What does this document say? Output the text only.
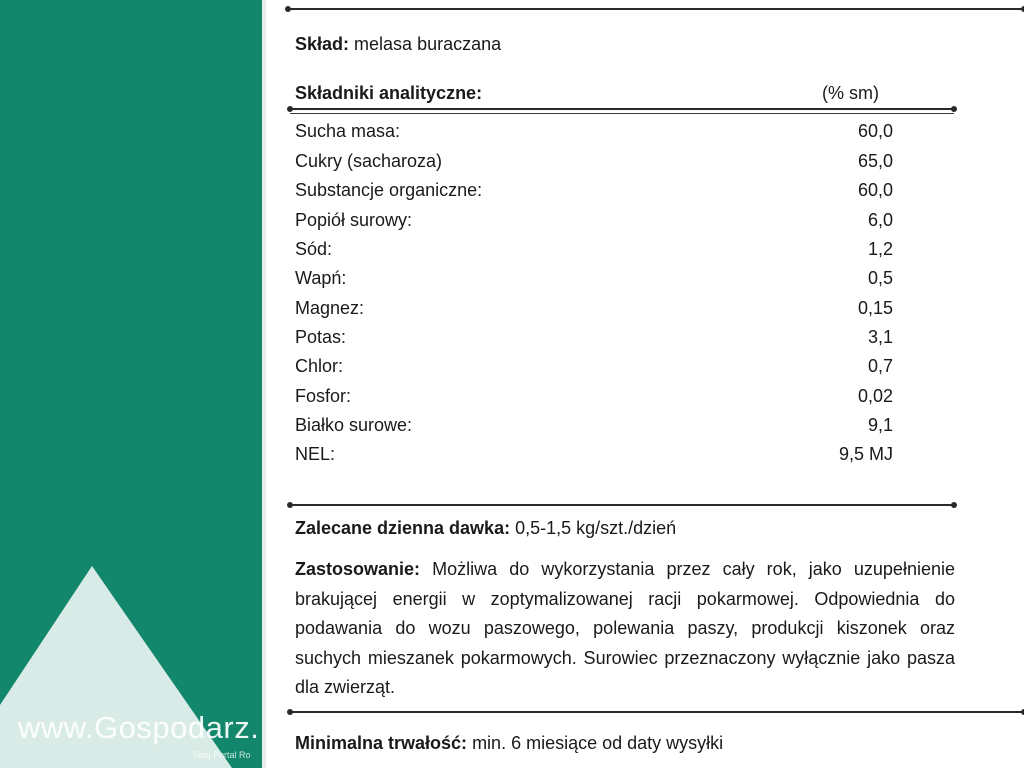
www.Gospodarz.
Twój Portal Ro
Skład: melasa buraczana
Składniki analityczne:	(% sm)
Sucha masa:	60,0
Cukry (sacharoza)	65,0
Substancje organiczne:	60,0
Popiół surowy:	6,0
Sód:	1,2
Wapń:	0,5
Magnez:	0,15
Potas:	3,1
Chlor:	0,7
Fosfor:	0,02
Białko surowe:	9,1
NEL:	9,5 MJ
Zalecane dzienna dawka: 0,5-1,5 kg/szt./dzień
Zastosowanie: Możliwa do wykorzystania przez cały rok, jako uzupełnienie brakującej energii w zoptymalizowanej racji pokarmowej. Odpowiednia do podawania do wozu paszowego, polewania paszy, produkcji kiszonek oraz suchych mieszanek pokarmowych. Surowiec przeznaczony wyłącznie jako pasza dla zwierząt.
Minimalna trwałość: min. 6 miesiące od daty wysyłki
